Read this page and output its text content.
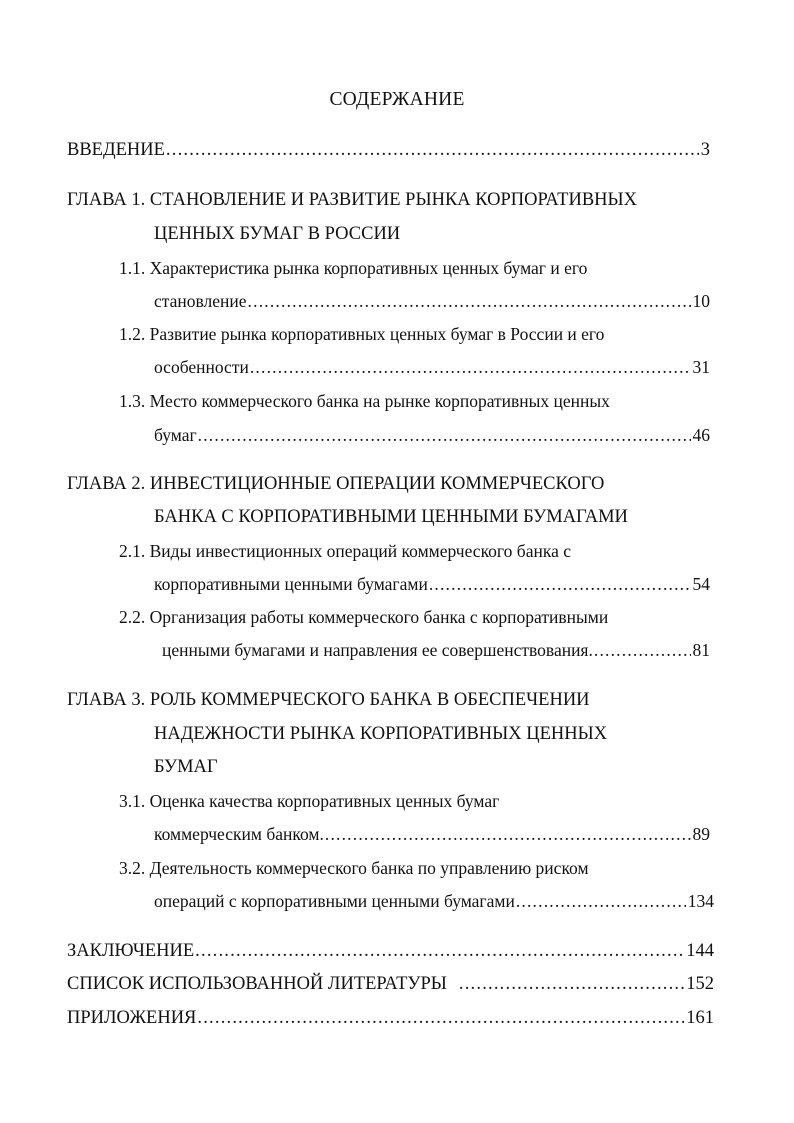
СОДЕРЖАНИЕ
ВВЕДЕНИЕ .....	3
ГЛАВА 1. СТАНОВЛЕНИЕ И РАЗВИТИЕ РЫНКА КОРПОРАТИВНЫХ
ЦЕННЫХ БУМАГ В РОССИИ
1.1. Характеристика рынка корпоративных ценных бумаг и его
становление .....	10
1.2. Развитие рынка корпоративных ценных бумаг в России и его
особенности .....	31
1.3. Место коммерческого банка на рынке корпоративных ценных
бумаг .....	46
ГЛАВА 2. ИНВЕСТИЦИОННЫЕ ОПЕРАЦИИ КОММЕРЧЕСКОГО
БАНКА С КОРПОРАТИВНЫМИ ЦЕННЫМИ БУМАГАМИ
2.1. Виды инвестиционных операций коммерческого банка с
корпоративными ценными бумагами .....	54
2.2. Организация работы коммерческого банка с корпоративными
ценными бумагами и направления ее совершенствования. .....	81
ГЛАВА 3. РОЛЬ КОММЕРЧЕСКОГО БАНКА В ОБЕСПЕЧЕНИИ
НАДЕЖНОСТИ РЫНКА КОРПОРАТИВНЫХ ЦЕННЫХ
БУМАГ
3.1. Оценка качества корпоративных ценных бумаг
коммерческим банком. .....	89
3.2. Деятельность коммерческого банка по управлению риском
операций с корпоративными ценными бумагами .....	134
ЗАКЛЮЧЕНИЕ .....	144
СПИСОК ИСПОЛЬЗОВАННОЙ ЛИТЕРАТУРЫ .....	152
ПРИЛОЖЕНИЯ .....	161
